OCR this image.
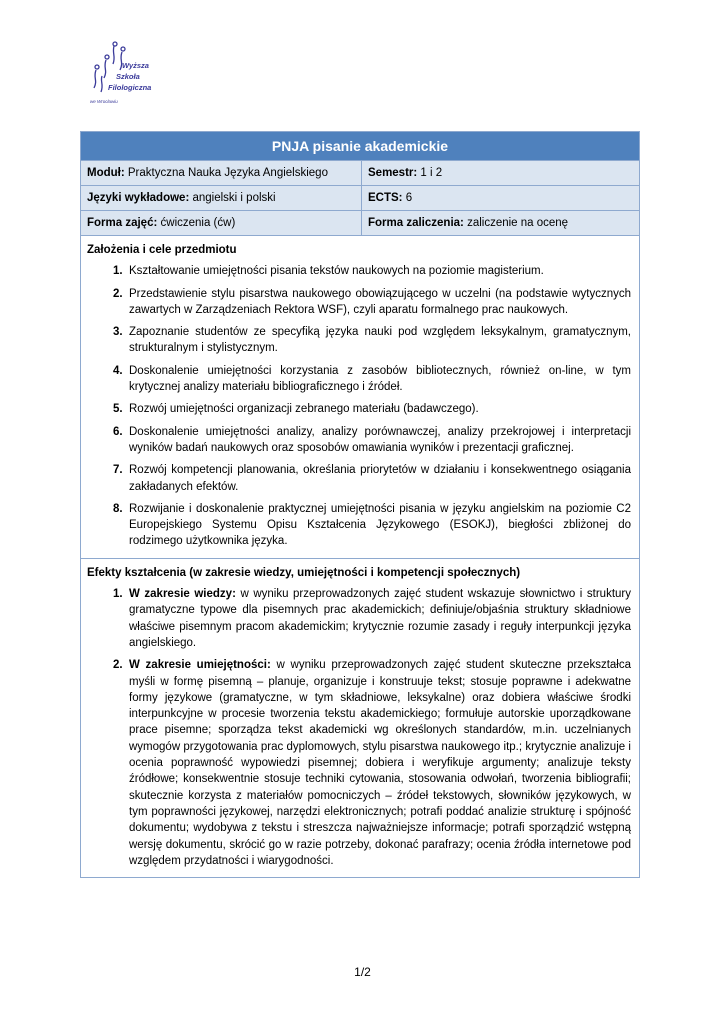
Wyższa
Szkoła
Filologiczna
we Wrocławiu
PNJA pisanie akademickie
Moduł: Praktyczna Nauka Języka Angielskiego	Semestr: 1 i 2
Języki wykładowe: angielski i polski	ECTS: 6
Forma zajęć: ćwiczenia (ćw)	Forma zaliczenia: zaliczenie na ocenę
Założenia i cele przedmiotu
1. Kształtowanie umiejętności pisania tekstów naukowych na poziomie magisterium.
2. Przedstawienie stylu pisarstwa naukowego obowiązującego w uczelni (na podstawie wytycznych zawartych w Zarządzeniach Rektora WSF), czyli aparatu formalnego prac naukowych.
3. Zapoznanie studentów ze specyfiką języka nauki pod względem leksykalnym, gramatycznym, strukturalnym i stylistycznym.
4. Doskonalenie umiejętności korzystania z zasobów bibliotecznych, również on-line, w tym krytycznej analizy materiału bibliograficznego i źródeł.
5. Rozwój umiejętności organizacji zebranego materiału (badawczego).
6. Doskonalenie umiejętności analizy, analizy porównawczej, analizy przekrojowej i interpretacji wyników badań naukowych oraz sposobów omawiania wyników i prezentacji graficznej.
7. Rozwój kompetencji planowania, określania priorytetów w działaniu i konsekwentnego osiągania zakładanych efektów.
8. Rozwijanie i doskonalenie praktycznej umiejętności pisania w języku angielskim na poziomie C2 Europejskiego Systemu Opisu Kształcenia Językowego (ESOKJ), biegłości zbliżonej do rodzimego użytkownika języka.
Efekty kształcenia (w zakresie wiedzy, umiejętności i kompetencji społecznych)
1. W zakresie wiedzy: w wyniku przeprowadzonych zajęć student wskazuje słownictwo i struktury gramatyczne typowe dla pisemnych prac akademickich; definiuje/objaśnia struktury składniowe właściwe pisemnym pracom akademickim; krytycznie rozumie zasady i reguły interpunkcji języka angielskiego.
2. W zakresie umiejętności: w wyniku przeprowadzonych zajęć student skuteczne przekształca myśli w formę pisemną – planuje, organizuje i konstruuje tekst; stosuje poprawne i adekwatne formy językowe (gramatyczne, w tym składniowe, leksykalne) oraz dobiera właściwe środki interpunkcyjne w procesie tworzenia tekstu akademickiego; formułuje autorskie uporządkowane prace pisemne; sporządza tekst akademicki wg określonych standardów, m.in. uczelnianych wymogów przygotowania prac dyplomowych, stylu pisarstwa naukowego itp.; krytycznie analizuje i ocenia poprawność wypowiedzi pisemnej; dobiera i weryfikuje argumenty; analizuje teksty źródłowe; konsekwentnie stosuje techniki cytowania, stosowania odwołań, tworzenia bibliografii; skutecznie korzysta z materiałów pomocniczych – źródeł tekstowych, słowników językowych, w tym poprawności językowej, narzędzi elektronicznych; potrafi poddać analizie strukturę i spójność dokumentu; wydobywa z tekstu i streszcza najważniejsze informacje; potrafi sporządzić wstępną wersję dokumentu, skrócić go w razie potrzeby, dokonać parafrazy; ocenia źródła internetowe pod względem przydatności i wiarygodności.
1/2
